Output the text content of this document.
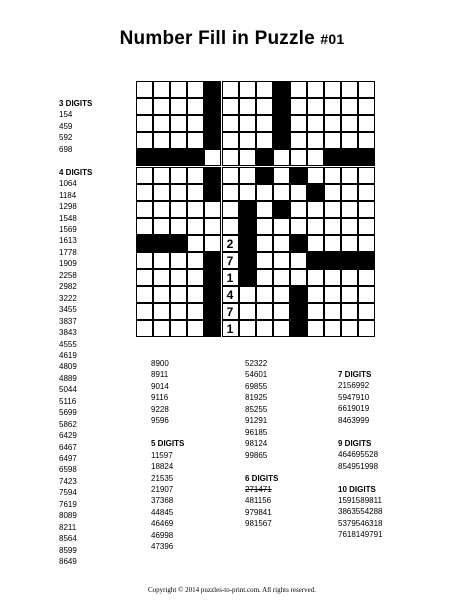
Number Fill in Puzzle #01
2
7
1
4
7
1
3 DIGITS
154
459
592
698
4 DIGITS
1064
1184
1298
1548
1569
1613
1778
1909
2258
2982
3222
3455
3837
3843
4555
4619
4809
4889
5044
5116
5699
5862
6429
6467
6497
6598
7423
7594
7619
8089
8211
8564
8599
8649
8900
8911
9014
9116
9228
9596
5 DIGITS
11597
18824
21535
21907
37368
44845
46469
46998
47396
52322
54601
69855
81925
85255
91291
96185
98124
99865
6 DIGITS
271471
481156
979841
981567
7 DIGITS
2156992
5947910
6619019
8463999
9 DIGITS
464695528
854951998
10 DIGITS
1591589811
3863554288
5379546318
7618149791
Copyright © 2014 puzzles-to-print.com. All rights reserved.
